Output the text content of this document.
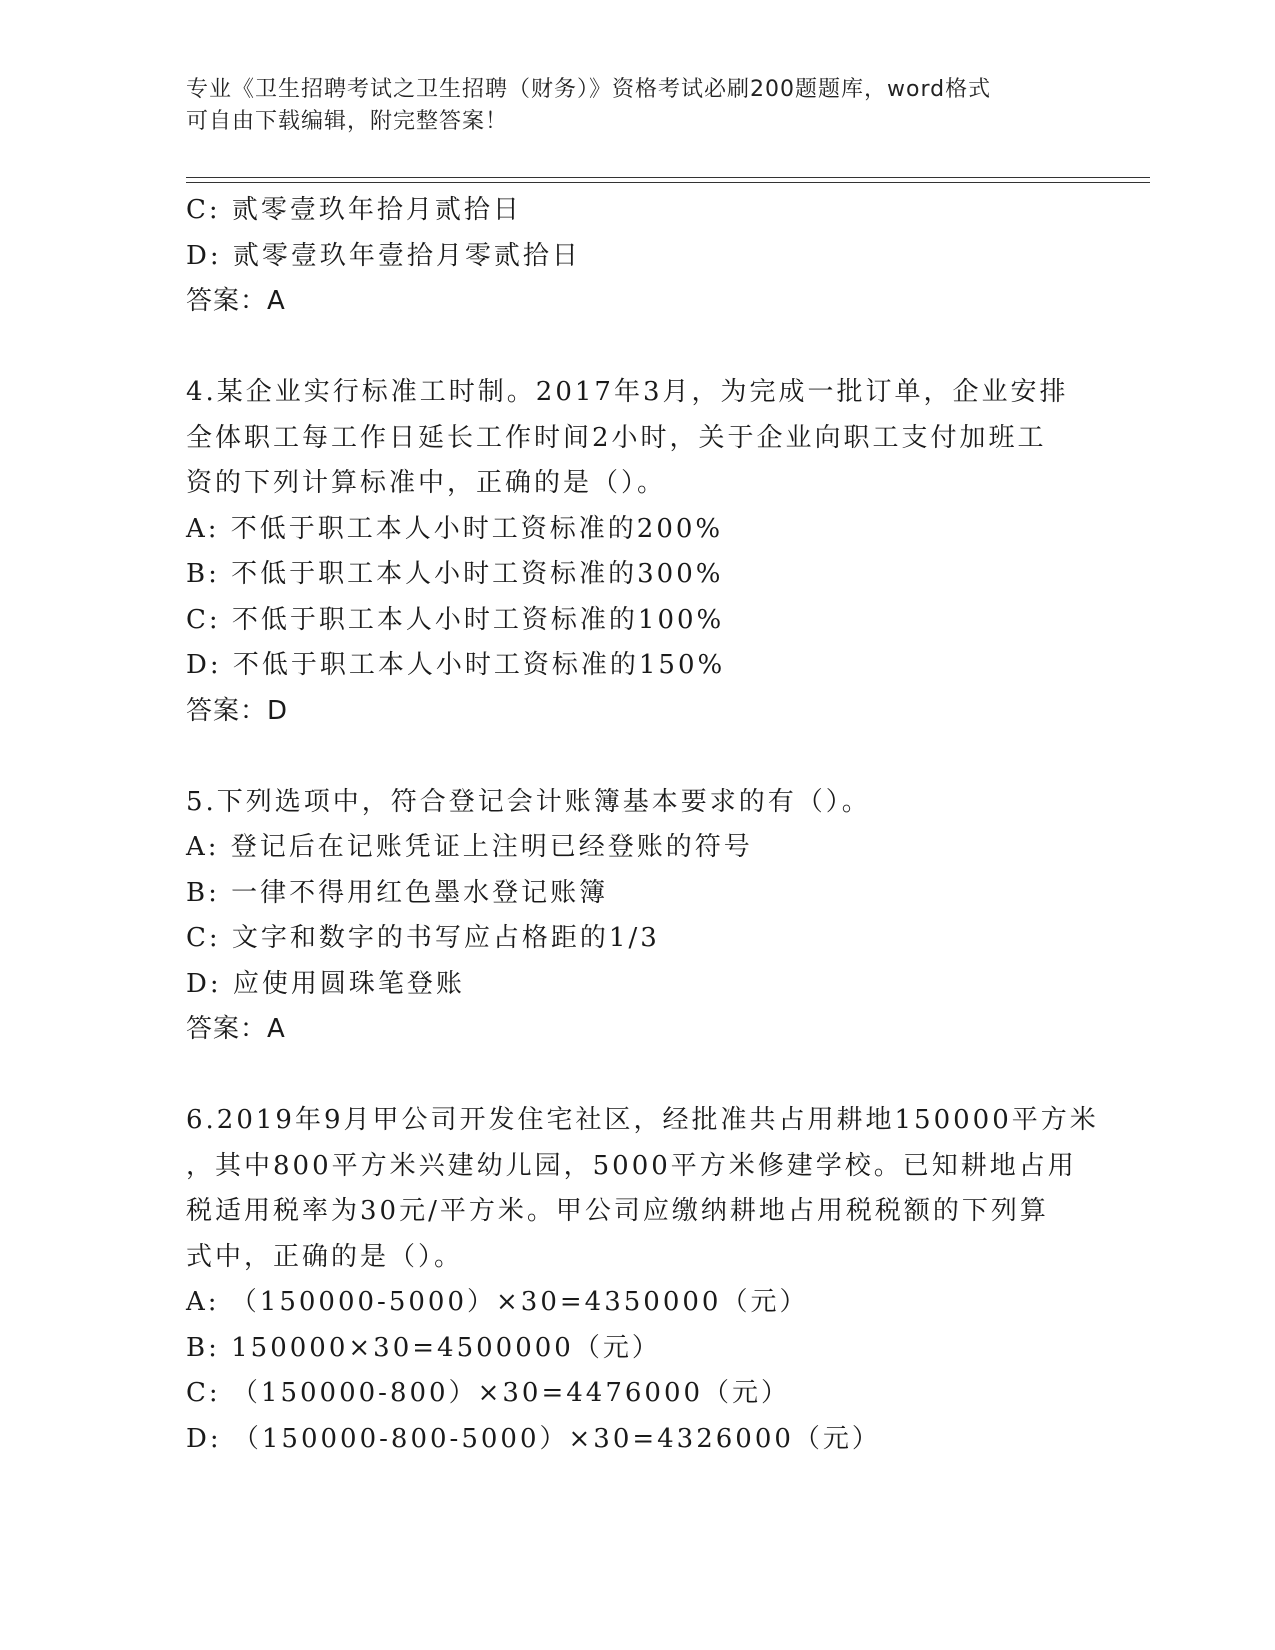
专业《卫生招聘考试之卫生招聘（财务）》资格考试必刷200题题库，word格式
可自由下载编辑，附完整答案！
C: 贰零壹玖年拾月贰拾日
D: 贰零壹玖年壹拾月零贰拾日
答案：A
4.某企业实行标准工时制。2017年3月，为完成一批订单，企业安排
全体职工每工作日延长工作时间2小时，关于企业向职工支付加班工
资的下列计算标准中，正确的是（）。
A: 不低于职工本人小时工资标准的200%
B: 不低于职工本人小时工资标准的300%
C: 不低于职工本人小时工资标准的100%
D: 不低于职工本人小时工资标准的150%
答案：D
5.下列选项中，符合登记会计账簿基本要求的有（）。
A: 登记后在记账凭证上注明已经登账的符号
B: 一律不得用红色墨水登记账簿
C: 文字和数字的书写应占格距的1/3
D: 应使用圆珠笔登账
答案：A
6.2019年9月甲公司开发住宅社区，经批准共占用耕地150000平方米
，其中800平方米兴建幼儿园，5000平方米修建学校。已知耕地占用
税适用税率为30元/平方米。甲公司应缴纳耕地占用税税额的下列算
式中，正确的是（）。
A: （150000-5000）×30=4350000（元）
B: 150000×30=4500000（元）
C: （150000-800）×30=4476000（元）
D: （150000-800-5000）×30=4326000（元）
